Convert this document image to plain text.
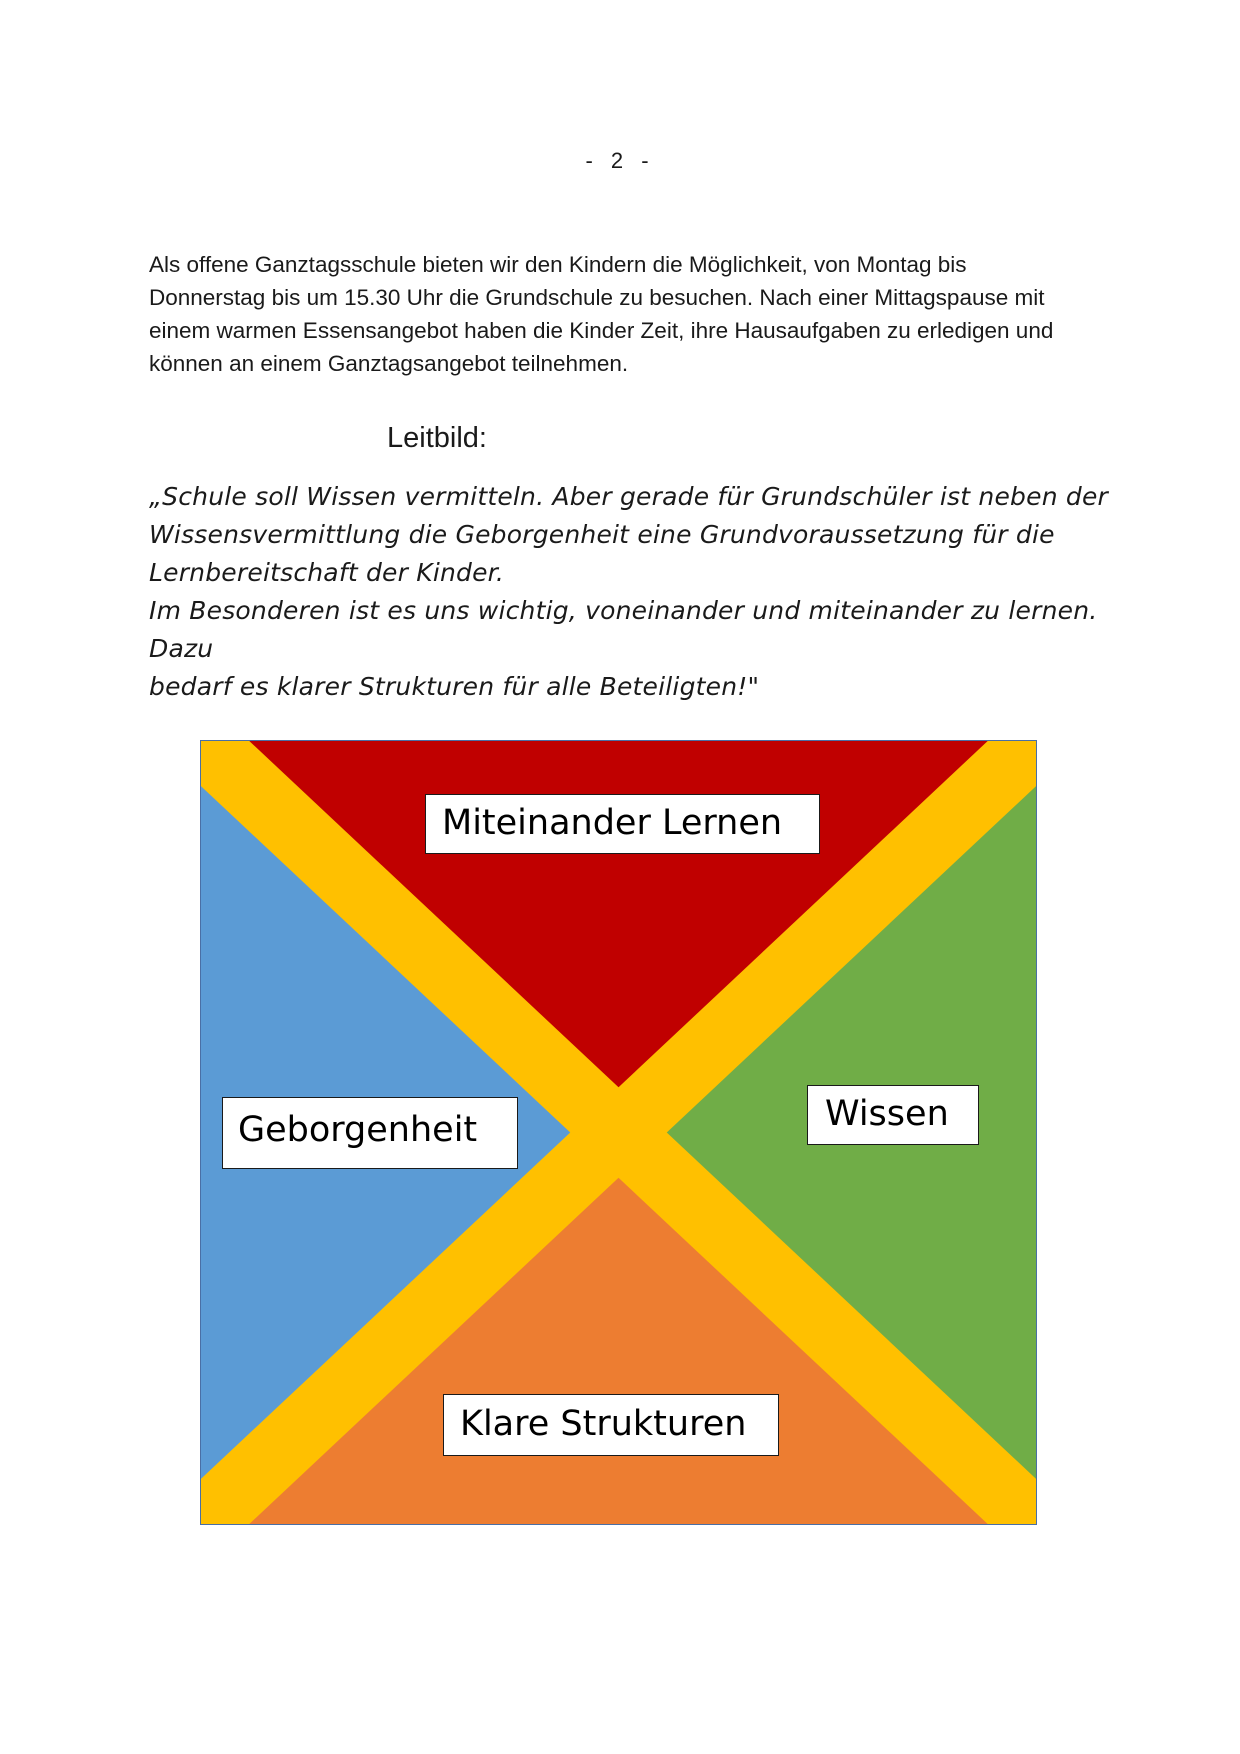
- 2 -

Als offene Ganztagsschule bieten wir den Kindern die Möglichkeit, von Montag bis

Donnerstag bis um 15.30 Uhr die Grundschule zu besuchen. Nach einer Mittagspause mit

einem warmen Essensangebot haben die Kinder Zeit, ihre Hausaufgaben zu erledigen und

können an einem Ganztagsangebot teilnehmen.

Leitbild:

„Schule soll Wissen vermitteln. Aber gerade für Grundschüler ist neben der

Wissensvermittlung die Geborgenheit eine Grundvoraussetzung für die

Lernbereitschaft der Kinder.

Im Besonderen ist es uns wichtig, voneinander und miteinander zu lernen. Dazu

bedarf es klarer Strukturen für alle Beteiligten!"

Miteinander Lernen
Geborgenheit	Wissen
Klare Strukturen
